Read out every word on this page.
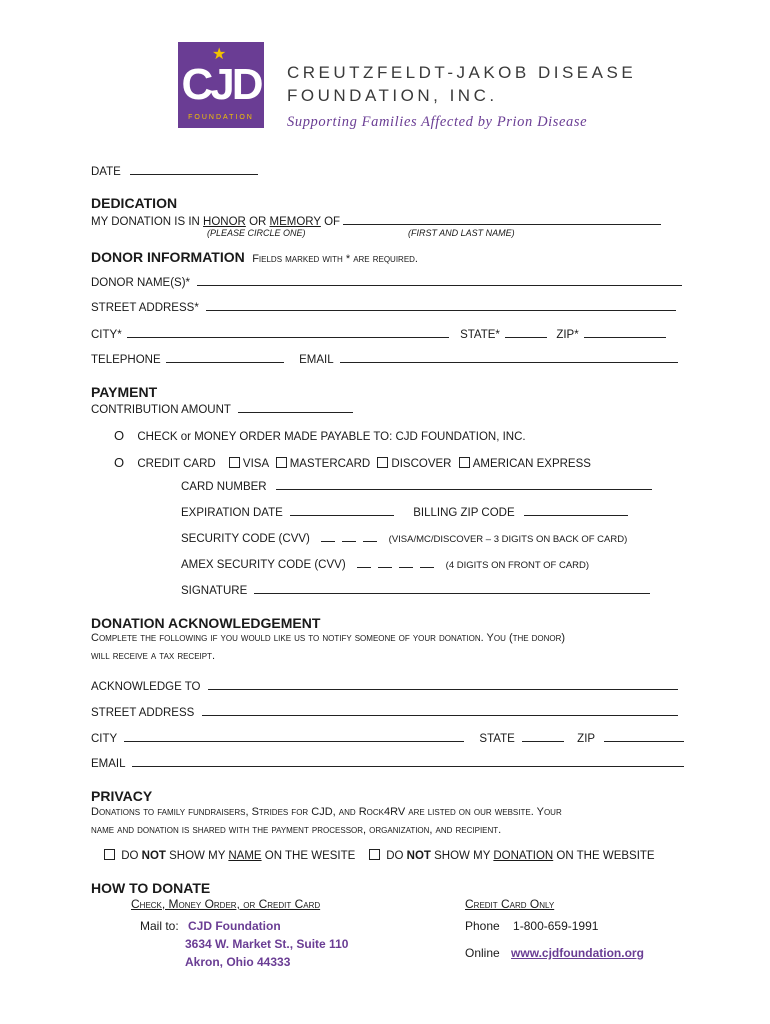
★
CJD
FOUNDATION
CREUTZFELDT-JAKOB DISEASE
FOUNDATION, INC.
Supporting Families Affected by Prion Disease
DATE
DEDICATION
MY DONATION IS IN HONOR OR MEMORY OF
(PLEASE CIRCLE ONE)	(FIRST AND LAST NAME)
DONOR INFORMATION Fields marked with * are required.
DONOR NAME(S)*
STREET ADDRESS*
CITY*	STATE*	ZIP*
TELEPHONE	EMAIL
PAYMENT
CONTRIBUTION AMOUNT
O CHECK or MONEY ORDER MADE PAYABLE TO: CJD FOUNDATION, INC.
O CREDIT CARD VISA MASTERCARD DISCOVER AMERICAN EXPRESS
CARD NUMBER
EXPIRATION DATE	BILLING ZIP CODE
SECURITY CODE (CVV)	(VISA/MC/DISCOVER – 3 DIGITS ON BACK OF CARD)
AMEX SECURITY CODE (CVV)	(4 DIGITS ON FRONT OF CARD)
SIGNATURE
DONATION ACKNOWLEDGEMENT
Complete the following if you would like us to notify someone of your donation. You (the donor)
will receive a tax receipt.
ACKNOWLEDGE TO
STREET ADDRESS
CITY	STATE	ZIP
EMAIL
PRIVACY
Donations to family fundraisers, Strides for CJD, and Rock4RV are listed on our website. Your
name and donation is shared with the payment processor, organization, and recipient.
DO NOT SHOW MY NAME ON THE WESITE	DO NOT SHOW MY DONATION ON THE WEBSITE
HOW TO DONATE
Check, Money Order, or Credit Card
Mail to: CJD Foundation
3634 W. Market St., Suite 110
Akron, Ohio 44333
Credit Card Only
Phone 1-800-659-1991
Online www.cjdfoundation.org
